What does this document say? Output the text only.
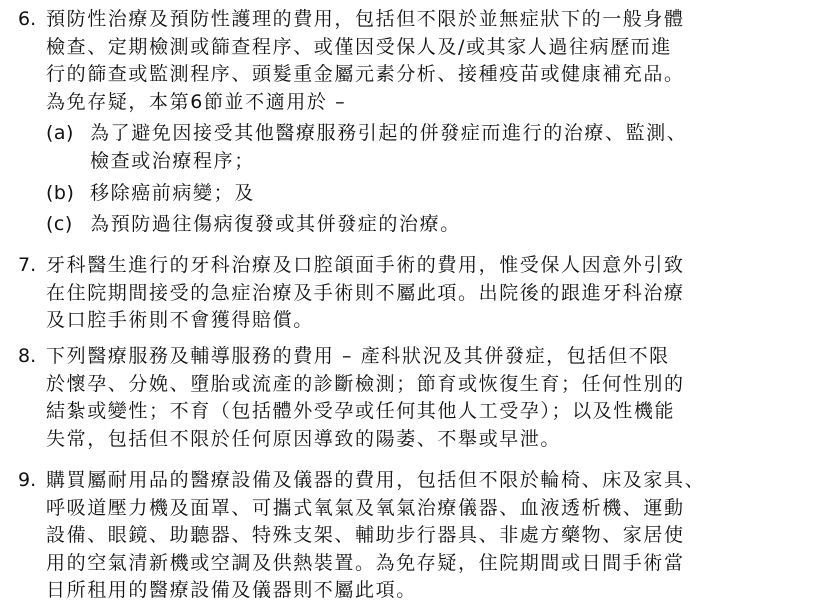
6. 預防性治療及預防性護理的費用，包括但不限於並無症狀下的一般身體
檢查、定期檢測或篩查程序、或僅因受保人及/或其家人過往病歷而進
行的篩查或監測程序、頭髮重金屬元素分析、接種疫苗或健康補充品。
為免存疑，本第6節並不適用於 –
(a) 為了避免因接受其他醫療服務引起的併發症而進行的治療、監測、
檢查或治療程序；
(b) 移除癌前病變；及
(c) 為預防過往傷病復發或其併發症的治療。
7. 牙科醫生進行的牙科治療及口腔頜面手術的費用，惟受保人因意外引致
在住院期間接受的急症治療及手術則不屬此項。出院後的跟進牙科治療
及口腔手術則不會獲得賠償。
8. 下列醫療服務及輔導服務的費用 – 產科狀況及其併發症，包括但不限
於懷孕、分娩、墮胎或流產的診斷檢測；節育或恢復生育；任何性別的
結紮或變性；不育（包括體外受孕或任何其他人工受孕）；以及性機能
失常，包括但不限於任何原因導致的陽萎、不舉或早泄。
9. 購買屬耐用品的醫療設備及儀器的費用，包括但不限於輪椅、床及家具、
呼吸道壓力機及面罩、可攜式氧氣及氧氣治療儀器、血液透析機、運動
設備、眼鏡、助聽器、特殊支架、輔助步行器具、非處方藥物、家居使
用的空氣清新機或空調及供熱裝置。為免存疑，住院期間或日間手術當
日所租用的醫療設備及儀器則不屬此項。
